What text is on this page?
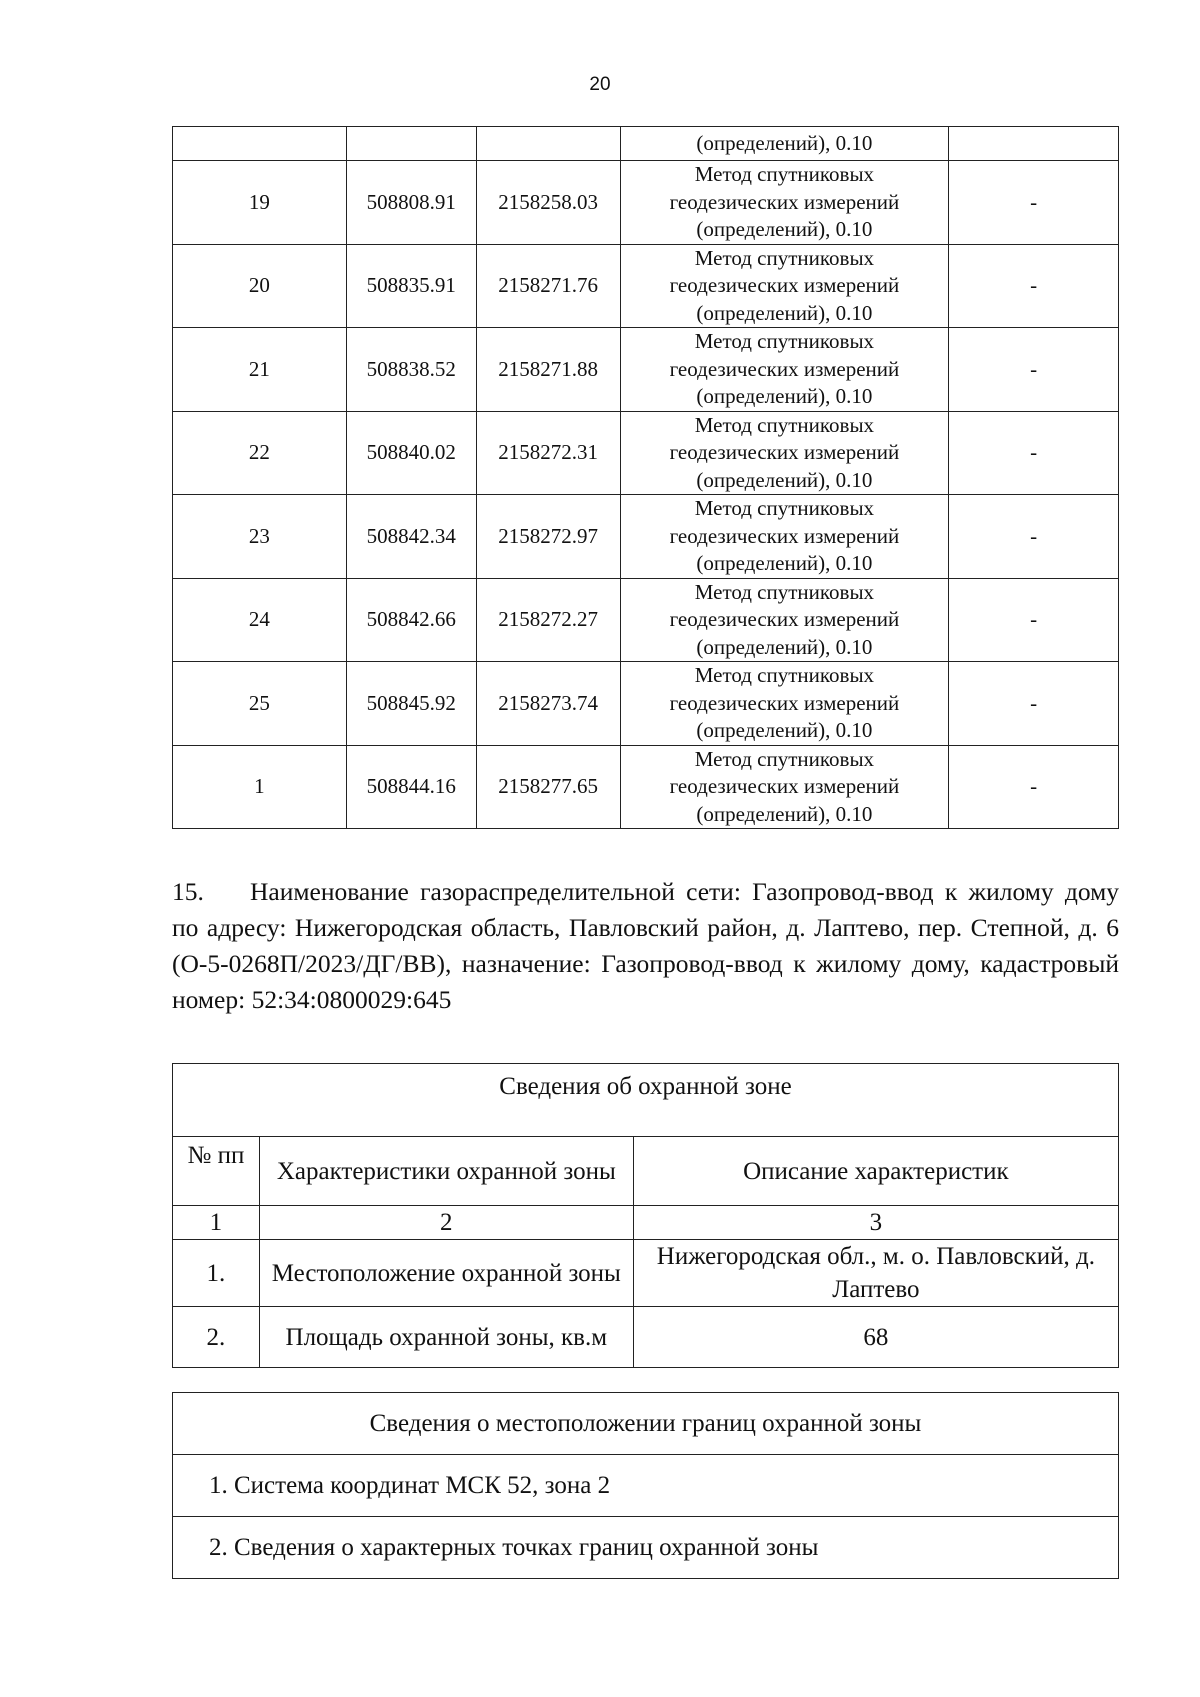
20
			(определений), 0.10	
19	508808.91	2158258.03	Метод спутниковых
геодезических измерений
(определений), 0.10	-
20	508835.91	2158271.76	Метод спутниковых
геодезических измерений
(определений), 0.10	-
21	508838.52	2158271.88	Метод спутниковых
геодезических измерений
(определений), 0.10	-
22	508840.02	2158272.31	Метод спутниковых
геодезических измерений
(определений), 0.10	-
23	508842.34	2158272.97	Метод спутниковых
геодезических измерений
(определений), 0.10	-
24	508842.66	2158272.27	Метод спутниковых
геодезических измерений
(определений), 0.10	-
25	508845.92	2158273.74	Метод спутниковых
геодезических измерений
(определений), 0.10	-
1	508844.16	2158277.65	Метод спутниковых
геодезических измерений
(определений), 0.10	-
15. Наименование газораспределительной сети: Газопровод-ввод к жилому дому по адресу: Нижегородская область, Павловский район, д. Лаптево, пер. Степной, д. 6 (О-5-0268П/2023/ДГ/ВВ), назначение: Газопровод-ввод к жилому дому, кадастровый номер: 52:34:0800029:645
Сведения об охранной зоне		
№ пп	Характеристики охранной зоны	Описание характеристик
1	2	3
1.	Местоположение охранной зоны	Нижегородская обл., м. о. Павловский, д. Лаптево
2.	Площадь охранной зоны, кв.м	68
Сведения о местоположении границ охранной зоны
1. Система координат МСК 52, зона 2
2. Сведения о характерных точках границ охранной зоны
